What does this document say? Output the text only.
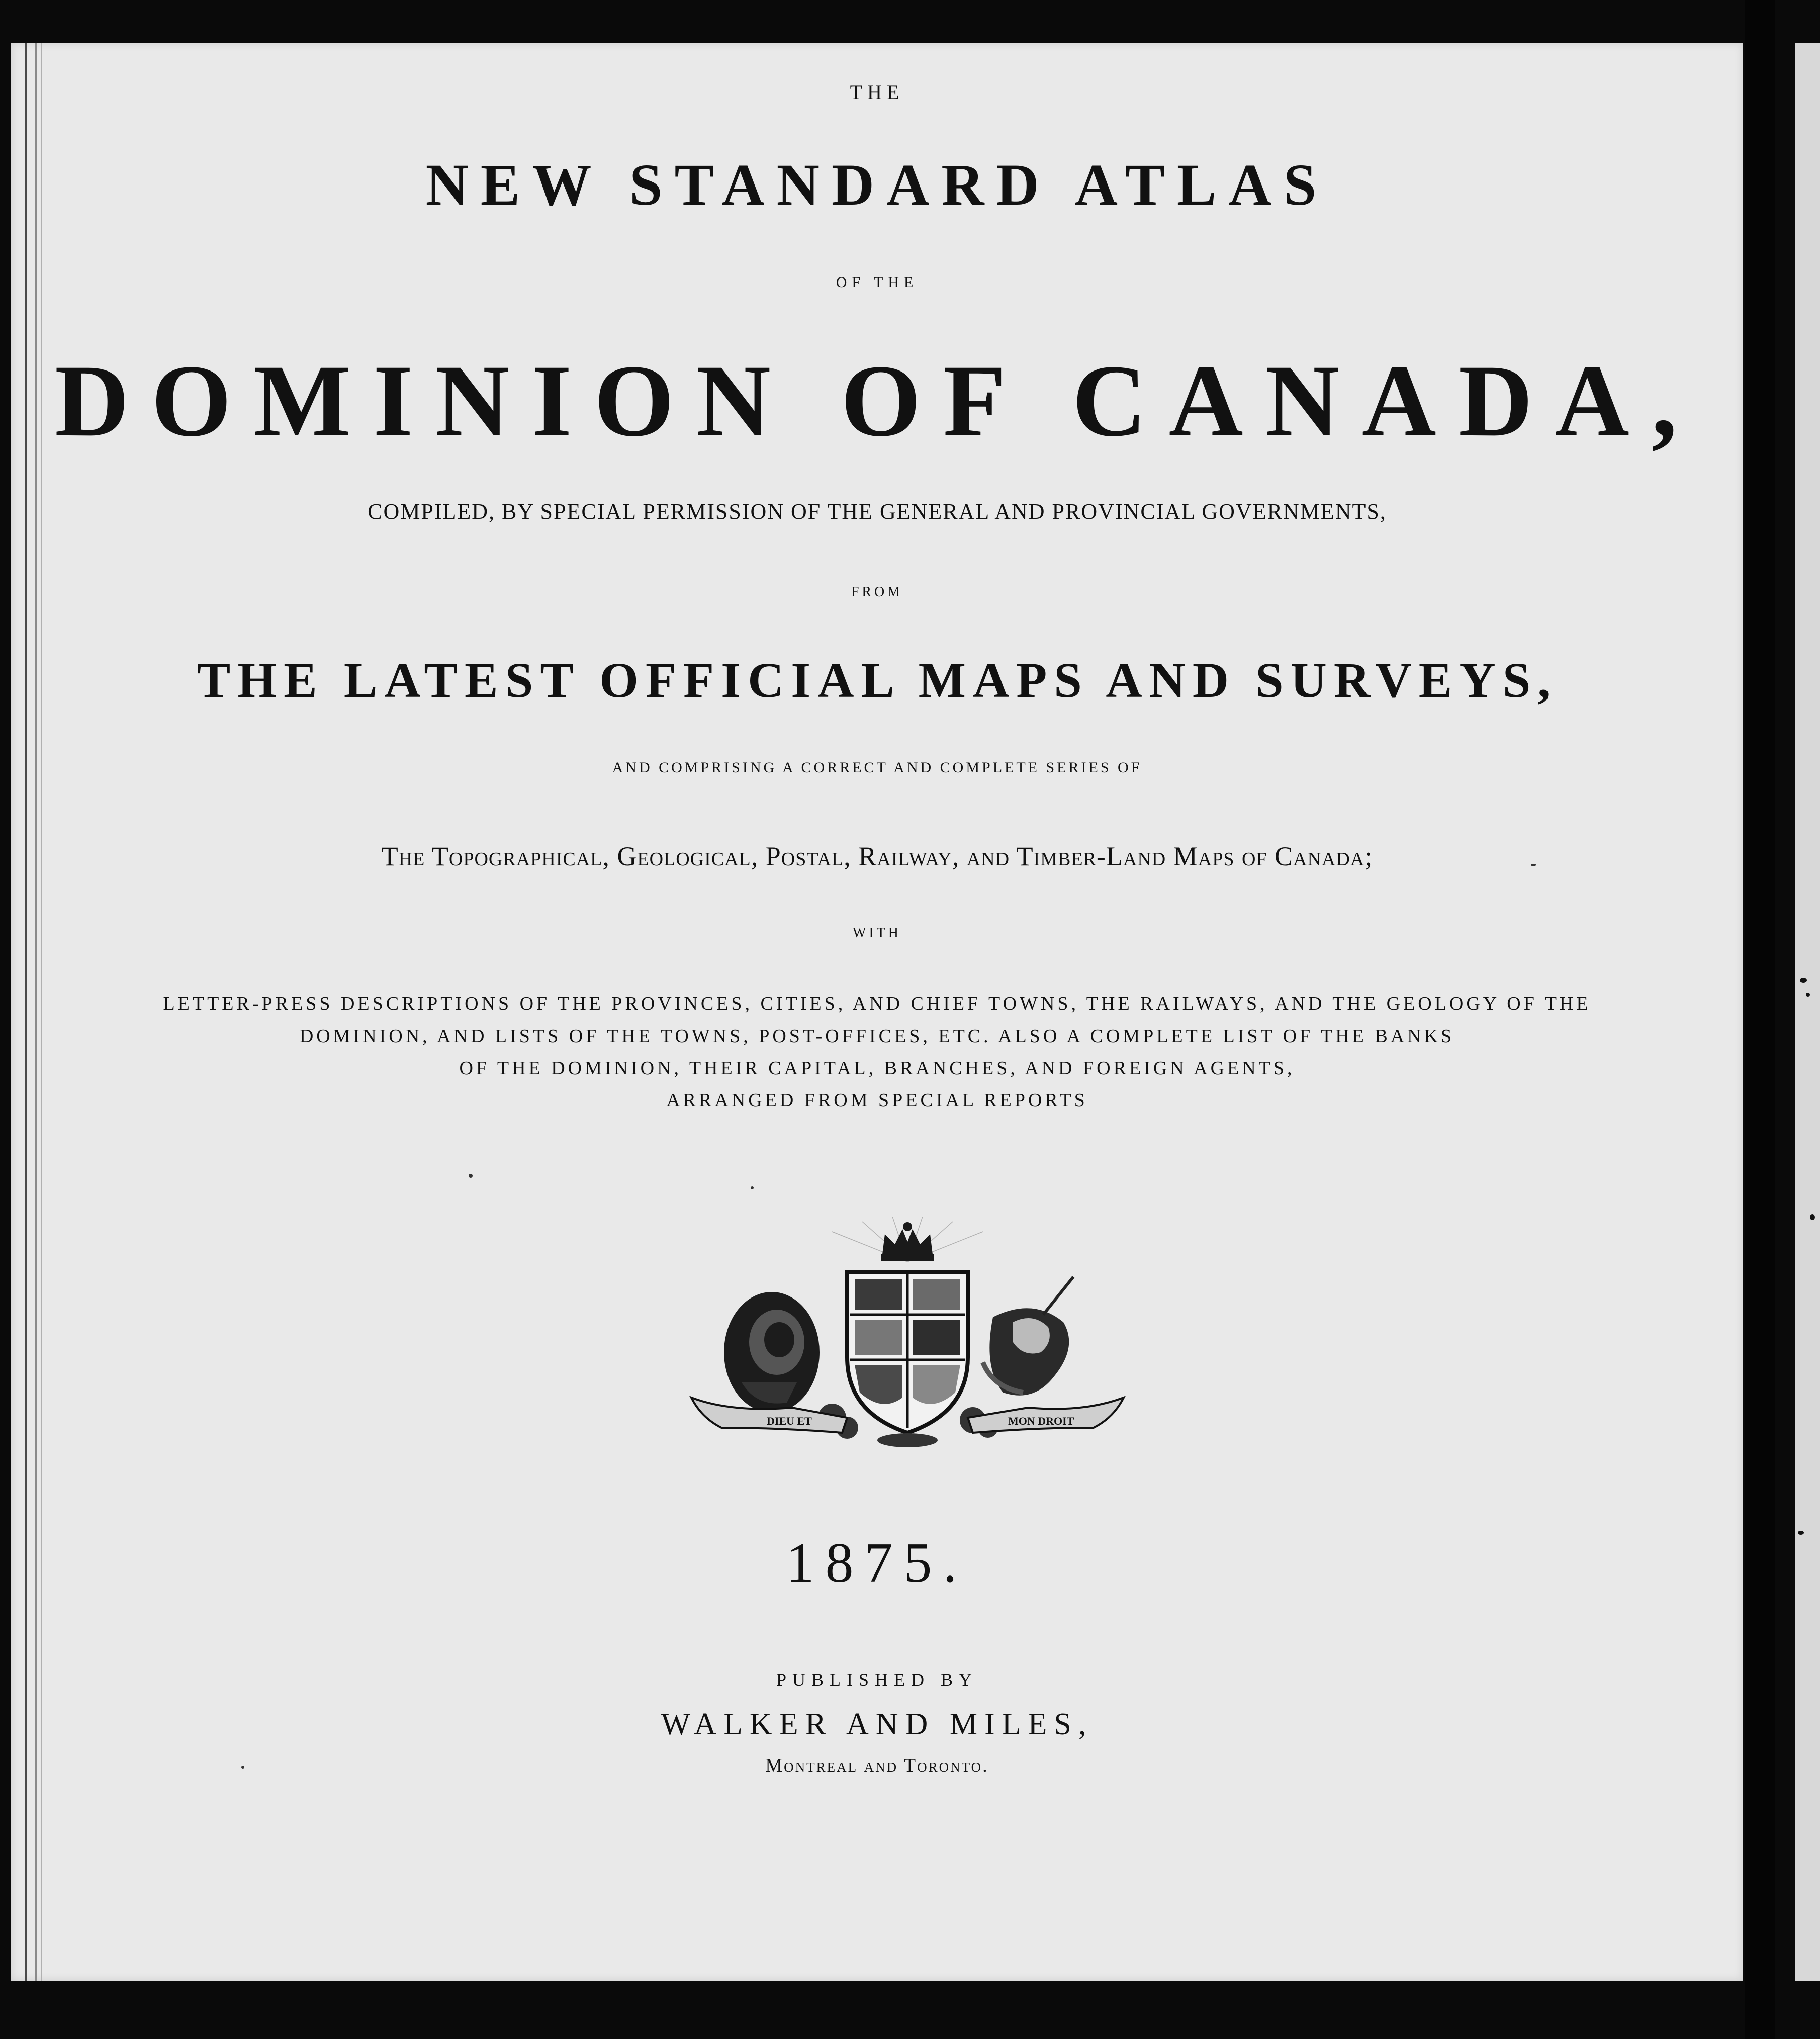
THE
NEW STANDARD ATLAS
OF THE
DOMINION OF CANADA,
COMPILED, BY SPECIAL PERMISSION OF THE GENERAL AND PROVINCIAL GOVERNMENTS,
FROM
THE LATEST OFFICIAL MAPS AND SURVEYS,
AND COMPRISING A CORRECT AND COMPLETE SERIES OF
The Topographical, Geological, Postal, Railway, and Timber-Land Maps of Canada;
WITH
LETTER-PRESS DESCRIPTIONS OF THE PROVINCES, CITIES, AND CHIEF TOWNS, THE RAILWAYS, AND THE GEOLOGY OF THE
DOMINION, AND LISTS OF THE TOWNS, POST-OFFICES, ETC. ALSO A COMPLETE LIST OF THE BANKS
OF THE DOMINION, THEIR CAPITAL, BRANCHES, AND FOREIGN AGENTS,
ARRANGED FROM SPECIAL REPORTS
DIEU ET	MON DROIT
1875.
PUBLISHED BY
WALKER AND MILES,
Montreal and Toronto.
